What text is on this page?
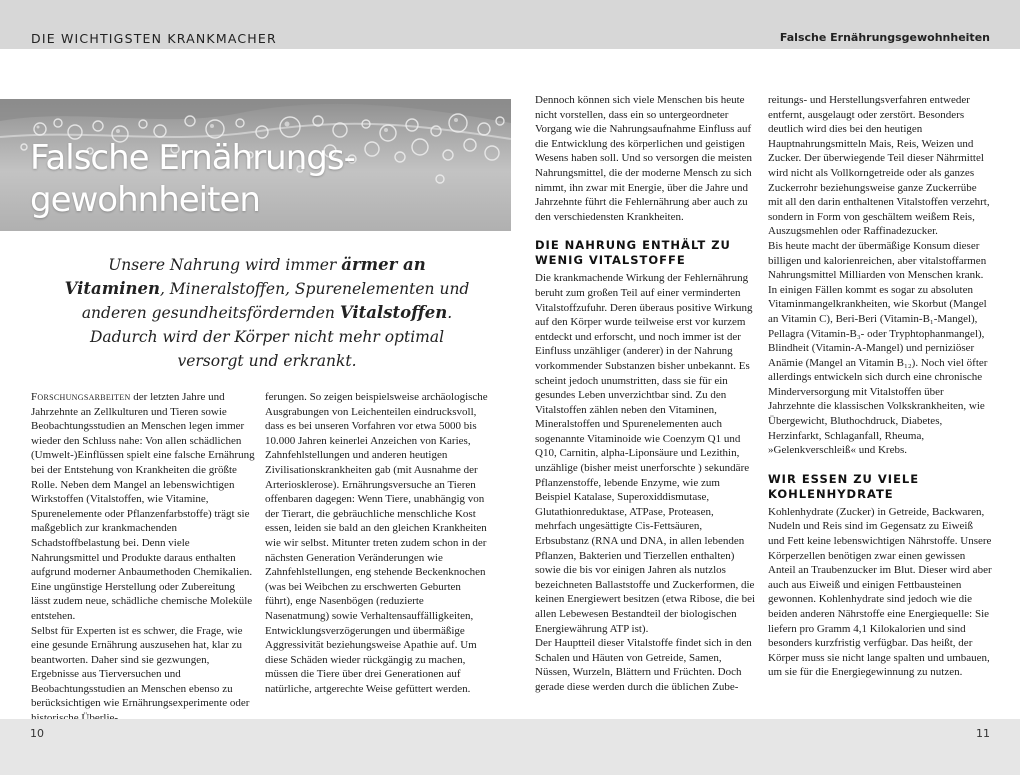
DIE WICHTIGSTEN KRANKMACHER
Falsche Ernährungs-
gewohnheiten

Unsere Nahrung wird immer ärmer an Vitaminen, Mineralstoffen, Spurenelementen und anderen gesundheitsfördernden Vitalstoffen. Dadurch wird der Körper nicht mehr optimal versorgt und erkrankt.

Forschungsarbeiten der letzten Jahre und Jahrzehnte an Zellkulturen und Tieren sowie Beobachtungsstudien an Menschen legen immer wieder den Schluss nahe: Von allen schädlichen (Umwelt-)Einflüssen spielt eine falsche Ernährung bei der Entstehung von Krankheiten die größte Rolle. Neben dem Mangel an lebenswichtigen Wirkstoffen (Vitalstoffen, wie Vitamine, Spurenelemente oder Pflanzenfarbstoffe) trägt sie maßgeblich zur krankmachenden Schadstoffbelastung bei. Denn viele Nahrungsmittel und Produkte daraus enthalten aufgrund moderner Anbaumethoden Chemikalien. Eine ungünstige Herstellung oder Zubereitung lässt zudem neue, schädliche chemische Moleküle entstehen.

Selbst für Experten ist es schwer, die Frage, wie eine gesunde Ernährung auszusehen hat, klar zu beantworten. Daher sind sie gezwungen, Ergebnisse aus Tierversuchen und Beobachtungsstudien an Menschen ebenso zu berücksichtigen wie Ernährungsexperimente oder

ferungen. So zeigen beispielsweise archäologische Ausgrabungen von Leichenteilen eindrucksvoll, dass es bei unseren Vorfahren vor etwa 5000 bis 10.000 Jahren keinerlei Anzeichen von Karies, Zahnfehlstellungen und anderen heutigen Zivilisationskrankheiten gab (mit Ausnahme der Arteriosklerose). Ernährungsversuche an Tieren offenbaren dagegen: Wenn Tiere, unabhängig von der Tierart, die gebräuchliche menschliche Kost essen, leiden sie bald an den gleichen Krankheiten wie wir selbst. Mitunter treten zudem schon in der nächsten Generation Veränderungen wie Zahnfehlstellungen, eng stehende Beckenknochen (was bei Weibchen zu erschwerten Geburten führt), enge Nasenbögen (reduzierte Nasenatmung) sowie Verhaltensauffälligkeiten, Entwicklungsverzögerungen und übermäßige Aggressivität beziehungsweise Apathie auf. Um diese Schäden wieder rückgängig zu machen, müssen die Tiere über drei Generationen auf natürliche, artgerechte Weise gefüttert werden.

10
Falsche Ernährungsgewohnheiten

Dennoch können sich viele Menschen bis heute nicht vorstellen, dass ein so untergeordneter Vorgang wie die Nahrungsaufnahme Einfluss auf die Entwicklung des körperlichen und geistigen Wesens haben soll. Und so versorgen die meisten Nahrungsmittel, die der moderne Mensch zu sich nimmt, ihn zwar mit Energie, über die Jahre und Jahrzehnte führt die Fehlernährung aber auch zu den verschiedensten Krankheiten.

DIE NAHRUNG ENTHÄLT ZU WENIG VITALSTOFFE

Die krankmachende Wirkung der Fehlernährung beruht zum großen Teil auf einer verminderten Vitalstoffzufuhr. Deren überaus positive Wirkung auf den Körper wurde teilweise erst vor kurzem entdeckt und erforscht, und noch immer ist der Einfluss unzähliger (anderer) in der Nahrung vorkommender Substanzen bisher unbekannt. Es scheint jedoch unumstritten, dass sie für ein gesundes Leben unverzichtbar sind. Zu den Vitalstoffen zählen neben den Vitaminen, Mineralstoffen und Spurenelementen auch sogenannte Vitaminoide wie Coenzym Q1 und Q10, Carnitin, alpha-Liponsäure und Lezithin, unzählige (bisher meist unerforschte ) sekundäre Pflanzenstoffe, lebende Enzyme, wie zum Beispiel Katalase, Superoxiddismutase, Glutathionreduktase, ATPase, Proteasen, mehrfach ungesättigte Cis-Fettsäuren, Erbsubstanz (RNA und DNA, in allen lebenden Pflanzen, Bakterien und Tierzellen enthalten) sowie die bis vor einigen Jahren als nutzlos bezeichneten Ballaststoffe und Zuckerformen, die keinen Energiewert besitzen (etwa Ribose, die bei allen Lebewesen Bestandteil der biologischen Energiewährung ATP ist).

Der Hauptteil dieser Vitalstoffe findet sich in den Schalen und Häuten von Getreide, Samen, Nüssen, Wurzeln, Blättern und Früchten. Doch gerade diese werden durch die üblichen Zube-

reitungs- und Herstellungsverfahren entweder entfernt, ausgelaugt oder zerstört. Besonders deutlich wird dies bei den heutigen Hauptnahrungsmitteln Mais, Reis, Weizen und Zucker. Der überwiegende Teil dieser Nährmittel wird nicht als Vollkorngetreide oder als ganzes Zuckerrohr beziehungsweise ganze Zuckerrübe mit all den darin enthaltenen Vitalstoffen verzehrt, sondern in Form von geschältem weißem Reis, Auszugsmehlen oder Raffinadezucker.

Bis heute macht der übermäßige Konsum dieser billigen und kalorienreichen, aber vitalstoffarmen Nahrungsmittel Milliarden von Menschen krank. In einigen Fällen kommt es sogar zu absoluten Vitaminmangelkrankheiten, wie Skorbut (Mangel an Vitamin C), Beri-Beri (Vitamin-B₁-Mangel), Pellagra (Vitamin-B₃- oder Tryphtophanmangel), Blindheit (Vitamin-A-Mangel) und perniziöser Anämie (Mangel an Vitamin B₁₂). Noch viel öfter allerdings entwickeln sich durch eine chronische Minderversorgung mit Vitalstoffen über Jahrzehnte die klassischen Volkskrankheiten, wie Übergewicht, Bluthochdruck, Diabetes, Herzinfarkt, Schlaganfall, Rheuma, »Gelenkverschleiß« und Krebs.

WIR ESSEN ZU VIELE KOHLENHYDRATE

Kohlenhydrate (Zucker) in Getreide, Backwaren, Nudeln und Reis sind im Gegensatz zu Eiweiß und Fett keine lebenswichtigen Nährstoffe. Unsere Körperzellen benötigen zwar einen gewissen Anteil an Traubenzucker im Blut. Dieser wird aber auch aus Eiweiß und einigen Fettbausteinen gewonnen. Kohlenhydrate sind jedoch wie die beiden anderen Nährstoffe eine Energiequelle: Sie liefern pro Gramm 4,1 Kilokalorien und sind besonders kurzfristig verfügbar. Das heißt, der Körper muss sie nicht lange spalten und umbauen, um sie für die Energiegewinnung zu nutzen.

11
